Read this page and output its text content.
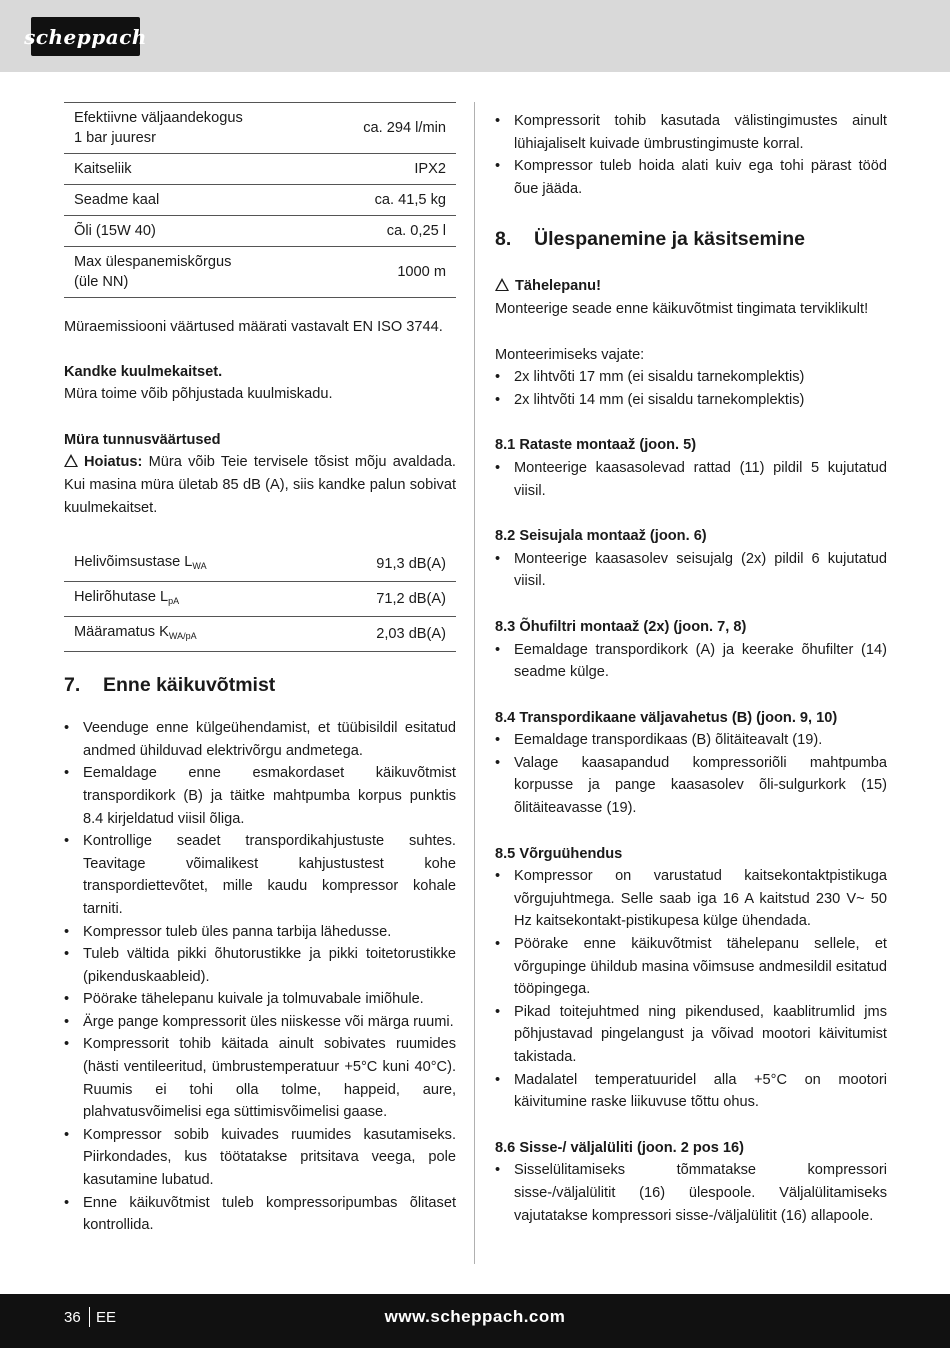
scheppach
Efektiivne väljaandekogus 1 bar juuresr	ca. 294 l/min
Kaitseliik	IPX2
Seadme kaal	ca. 41,5 kg
Õli (15W 40)	ca. 0,25 l
Max ülespanemiskõrgus (üle NN)	1000 m

Müraemissiooni väärtused määrati vastavalt EN ISO 3744.

Kandke kuulmekaitset.

Müra toime võib põhjustada kuulmiskadu.

Müra tunnusväärtused

Hoiatus: Müra võib Teie tervisele tõsist mõju avaldada. Kui masina müra ületab 85 dB (A), siis kandke palun sobivat kuulmekaitset.

Helivõimsustase $L_{WA}$	91,3 dB(A)
Helirõhutase $L_{pA}$	71,2 dB(A)
Määramatus $K_{WA/pA}$	2,03 dB(A)
7.	Enne käikuvõtmist
• Veenduge enne külgeühendamist, et tüübisildil esitatud andmed ühilduvad elektrivõrgu andmetega.
• Eemaldage enne esmakordaset käikuvõtmist transpordikork (B) ja täitke mahtpumba korpus punktis 8.4 kirjeldatud viisil õliga.
• Kontrollige seadet transpordikahjustuste suhtes. Teavitage võimalikest kahjustustest kohe transpordiettevõtet, mille kaudu kompressor kohale tarniti.
• Kompressor tuleb üles panna tarbija lähedusse.
• Tuleb vältida pikki õhutorustikke ja pikki toitetorustikke (pikenduskaableid).
• Pöörake tähelepanu kuivale ja tolmuvabale imiõhule.
• Ärge pange kompressorit üles niiskesse või märga ruumi.
• Kompressorit tohib käitada ainult sobivates ruumides (hästi ventileeritud, ümbrustemperatuur +5°C kuni 40°C). Ruumis ei tohi olla tolme, happeid, aure, plahvatusvõimelisi ega süttimisvõimelisi gaase.
• Kompressor sobib kuivades ruumides kasutamiseks. Piirkondades, kus töötatakse pritsitava veega, pole kasutamine lubatud.
• Enne käikuvõtmist tuleb kompressoripumbas õlitaset kontrollida.
• Kompressorit tohib kasutada välistingimustes ainult lühiajaliselt kuivade ümbrustingimuste korral.
• Kompressor tuleb hoida alati kuiv ega tohi pärast tööd õue jääda.
8.	Ülespanemine ja käsitsemine

Tähelepanu!

Monteerige seade enne käikuvõtmist tingimata terviklikult!

Monteerimiseks vajate:

• 2x lihtvõti 17 mm (ei sisaldu tarnekomplektis)
• 2x lihtvõti 14 mm (ei sisaldu tarnekomplektis)
8.1 Rataste montaaž (joon. 5)
• Monteerige kaasasolevad rattad (11) pildil 5 kujutatud viisil.
8.2 Seisujala montaaž (joon. 6)
• Monteerige kaasasolev seisujalg (2x) pildil 6 kujutatud viisil.
8.3 Õhufiltri montaaž (2x) (joon. 7, 8)
• Eemaldage transpordikork (A) ja keerake õhufilter (14) seadme külge.
8.4 Transpordikaane väljavahetus (B) (joon. 9, 10)
• Eemaldage transpordikaas (B) õlitäiteavalt (19).
• Valage kaasapandud kompressoriõli mahtpumba korpusse ja pange kaasasolev õli-sulgurkork (15) õlitäiteavasse (19).
8.5 Võrguühendus
• Kompressor on varustatud kaitsekontaktpistikuga võrgujuhtmega. Selle saab iga 16 A kaitstud 230 V~ 50 Hz kaitsekontakt-pistikupesa külge ühendada.
• Pöörake enne käikuvõtmist tähelepanu sellele, et võrgupinge ühildub masina võimsuse andmesildil esitatud tööpingega.
• Pikad toitejuhtmed ning pikendused, kaablitrumlid jms põhjustavad pingelangust ja võivad mootori käivitumist takistada.
• Madalatel temperatuuridel alla +5°C on mootori käivitumine raske liikuvuse tõttu ohus.
8.6 Sisse-/ väljalüliti (joon. 2 pos 16)
• Sisselülitamiseks tõmmatakse kompressori sisse-/väljalülitit (16) ülespoole. Väljalülitamiseks vajutatakse kompressori sisse-/väljalülitit (16) allapoole.
36 EE	www.scheppach.com
